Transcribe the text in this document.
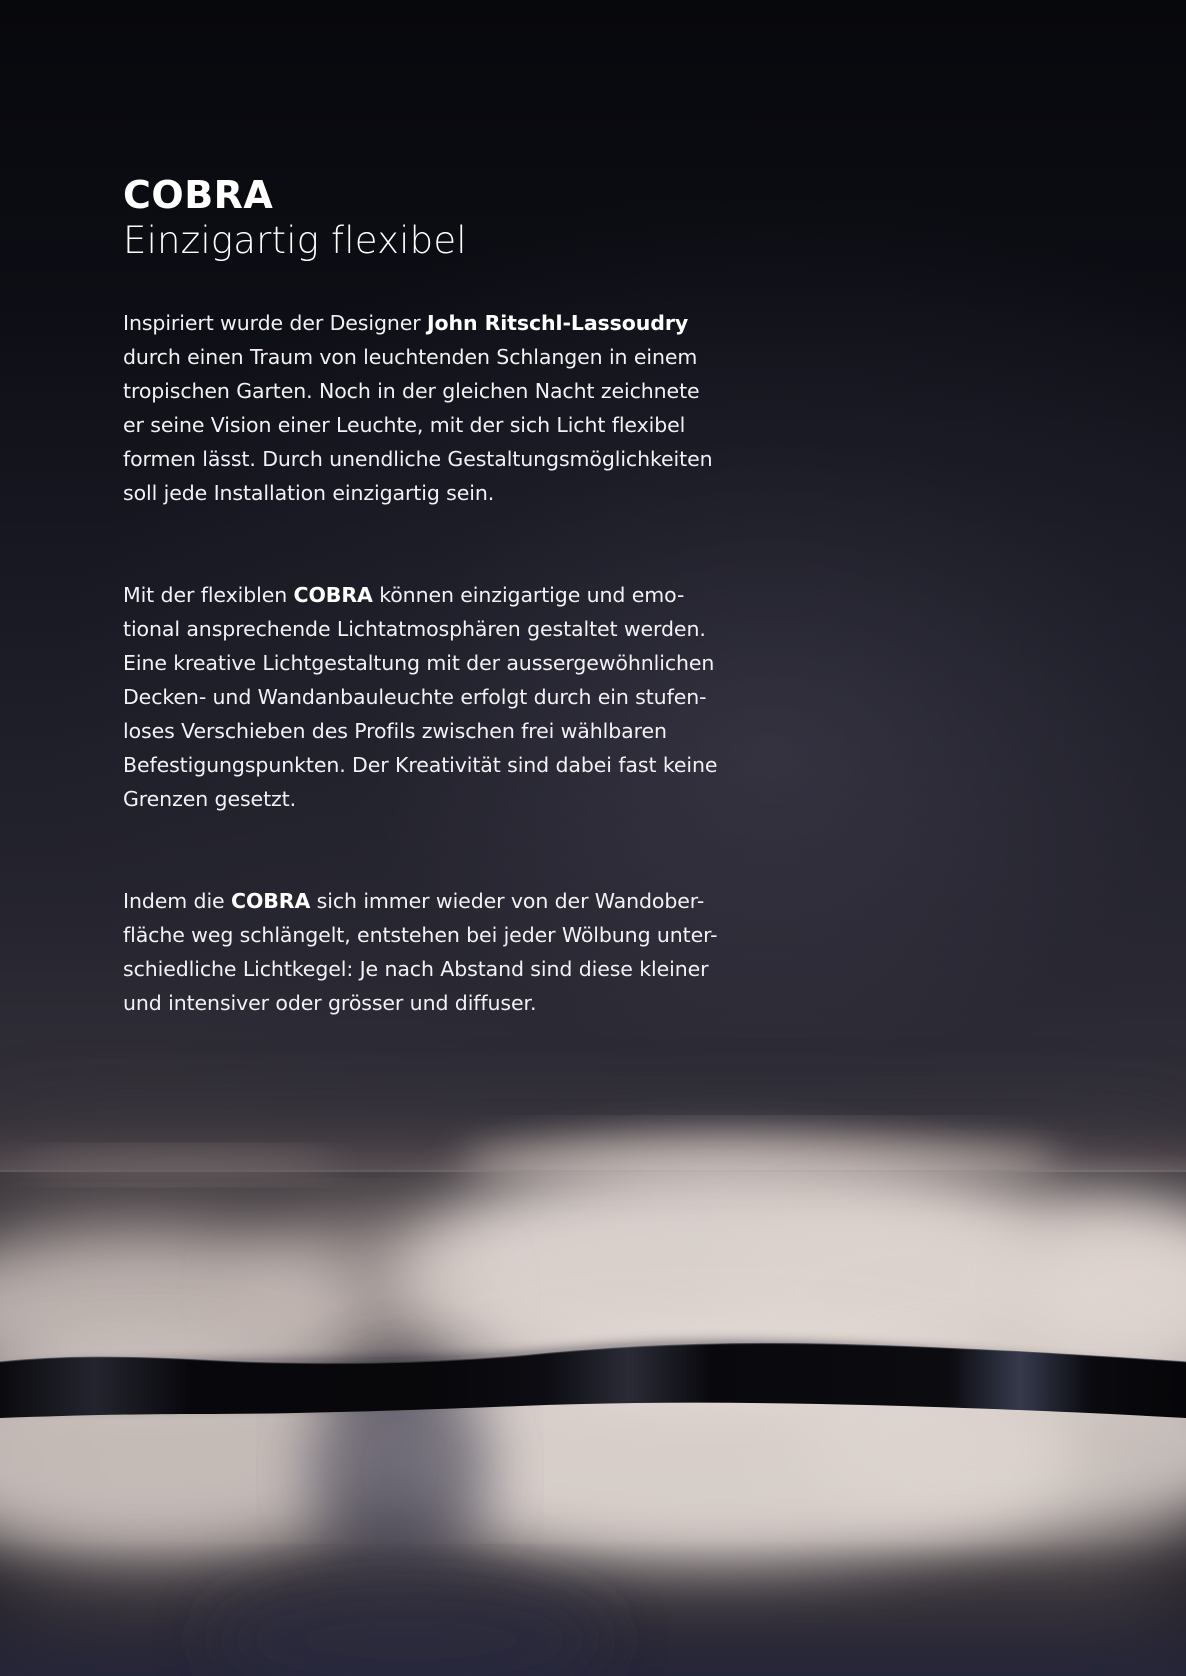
COBRA
Einzigartig flexibel

Inspiriert wurde der Designer John Ritschl-Lassoudry
durch einen Traum von leuchtenden Schlangen in einem
tropischen Garten. Noch in der gleichen Nacht zeichnete
er seine Vision einer Leuchte, mit der sich Licht flexibel
formen lässt. Durch unendliche Gestaltungsmöglichkeiten
soll jede Installation einzigartig sein.

Mit der flexiblen COBRA können einzigartige und emo-
tional ansprechende Lichtatmosphären gestaltet werden.
Eine kreative Lichtgestaltung mit der aussergewöhnlichen
Decken- und Wandanbauleuchte erfolgt durch ein stufen-
loses Verschieben des Profils zwischen frei wählbaren
Befestigungspunkten. Der Kreativität sind dabei fast keine
Grenzen gesetzt.

Indem die COBRA sich immer wieder von der Wandober-
fläche weg schlängelt, entstehen bei jeder Wölbung unter-
schiedliche Lichtkegel: Je nach Abstand sind diese kleiner
und intensiver oder grösser und diffuser.
